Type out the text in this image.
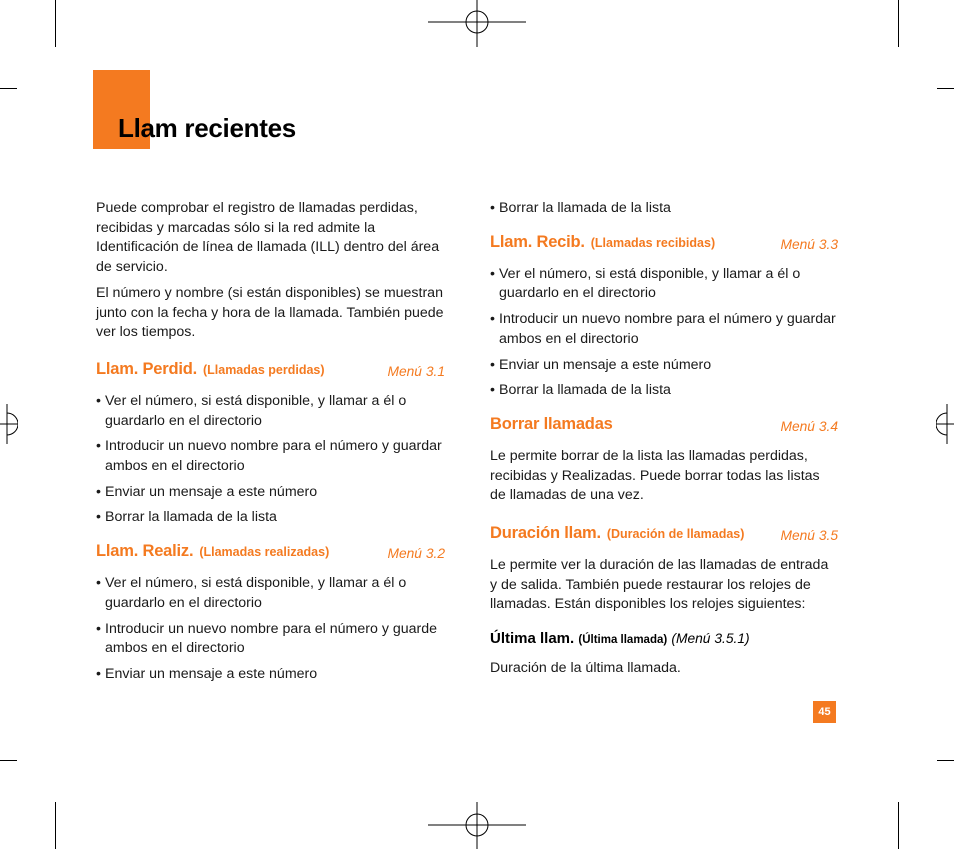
Llam recientes

Puede comprobar el registro de llamadas perdidas, recibidas y marcadas sólo si la red admite la Identificación de línea de llamada (ILL) dentro del área de servicio.

El número y nombre (si están disponibles) se muestran junto con la fecha y hora de la llamada. También puede ver los tiempos.

Llam. Perdid. (Llamadas perdidas)	Menú 3.1
• Ver el número, si está disponible, y llamar a él o guardarlo en el directorio
• Introducir un nuevo nombre para el número y guardar ambos en el directorio
• Enviar un mensaje a este número
• Borrar la llamada de la lista
Llam. Realiz. (Llamadas realizadas)	Menú 3.2
• Ver el número, si está disponible, y llamar a él o guardarlo en el directorio
• Introducir un nuevo nombre para el número y guarde ambos en el directorio
• Enviar un mensaje a este número
• Borrar la llamada de la lista
Llam. Recib. (Llamadas recibidas)	Menú 3.3
• Ver el número, si está disponible, y llamar a él o guardarlo en el directorio
• Introducir un nuevo nombre para el número y guardar ambos en el directorio
• Enviar un mensaje a este número
• Borrar la llamada de la lista
Borrar llamadas	Menú 3.4

Le permite borrar de la lista las llamadas perdidas, recibidas y Realizadas. Puede borrar todas las listas de llamadas de una vez.

Duración llam. (Duración de llamadas)	Menú 3.5

Le permite ver la duración de las llamadas de entrada y de salida. También puede restaurar los relojes de llamadas. Están disponibles los relojes siguientes:

Última llam. (Última llamada) (Menú 3.5.1)

Duración de la última llamada.

45
